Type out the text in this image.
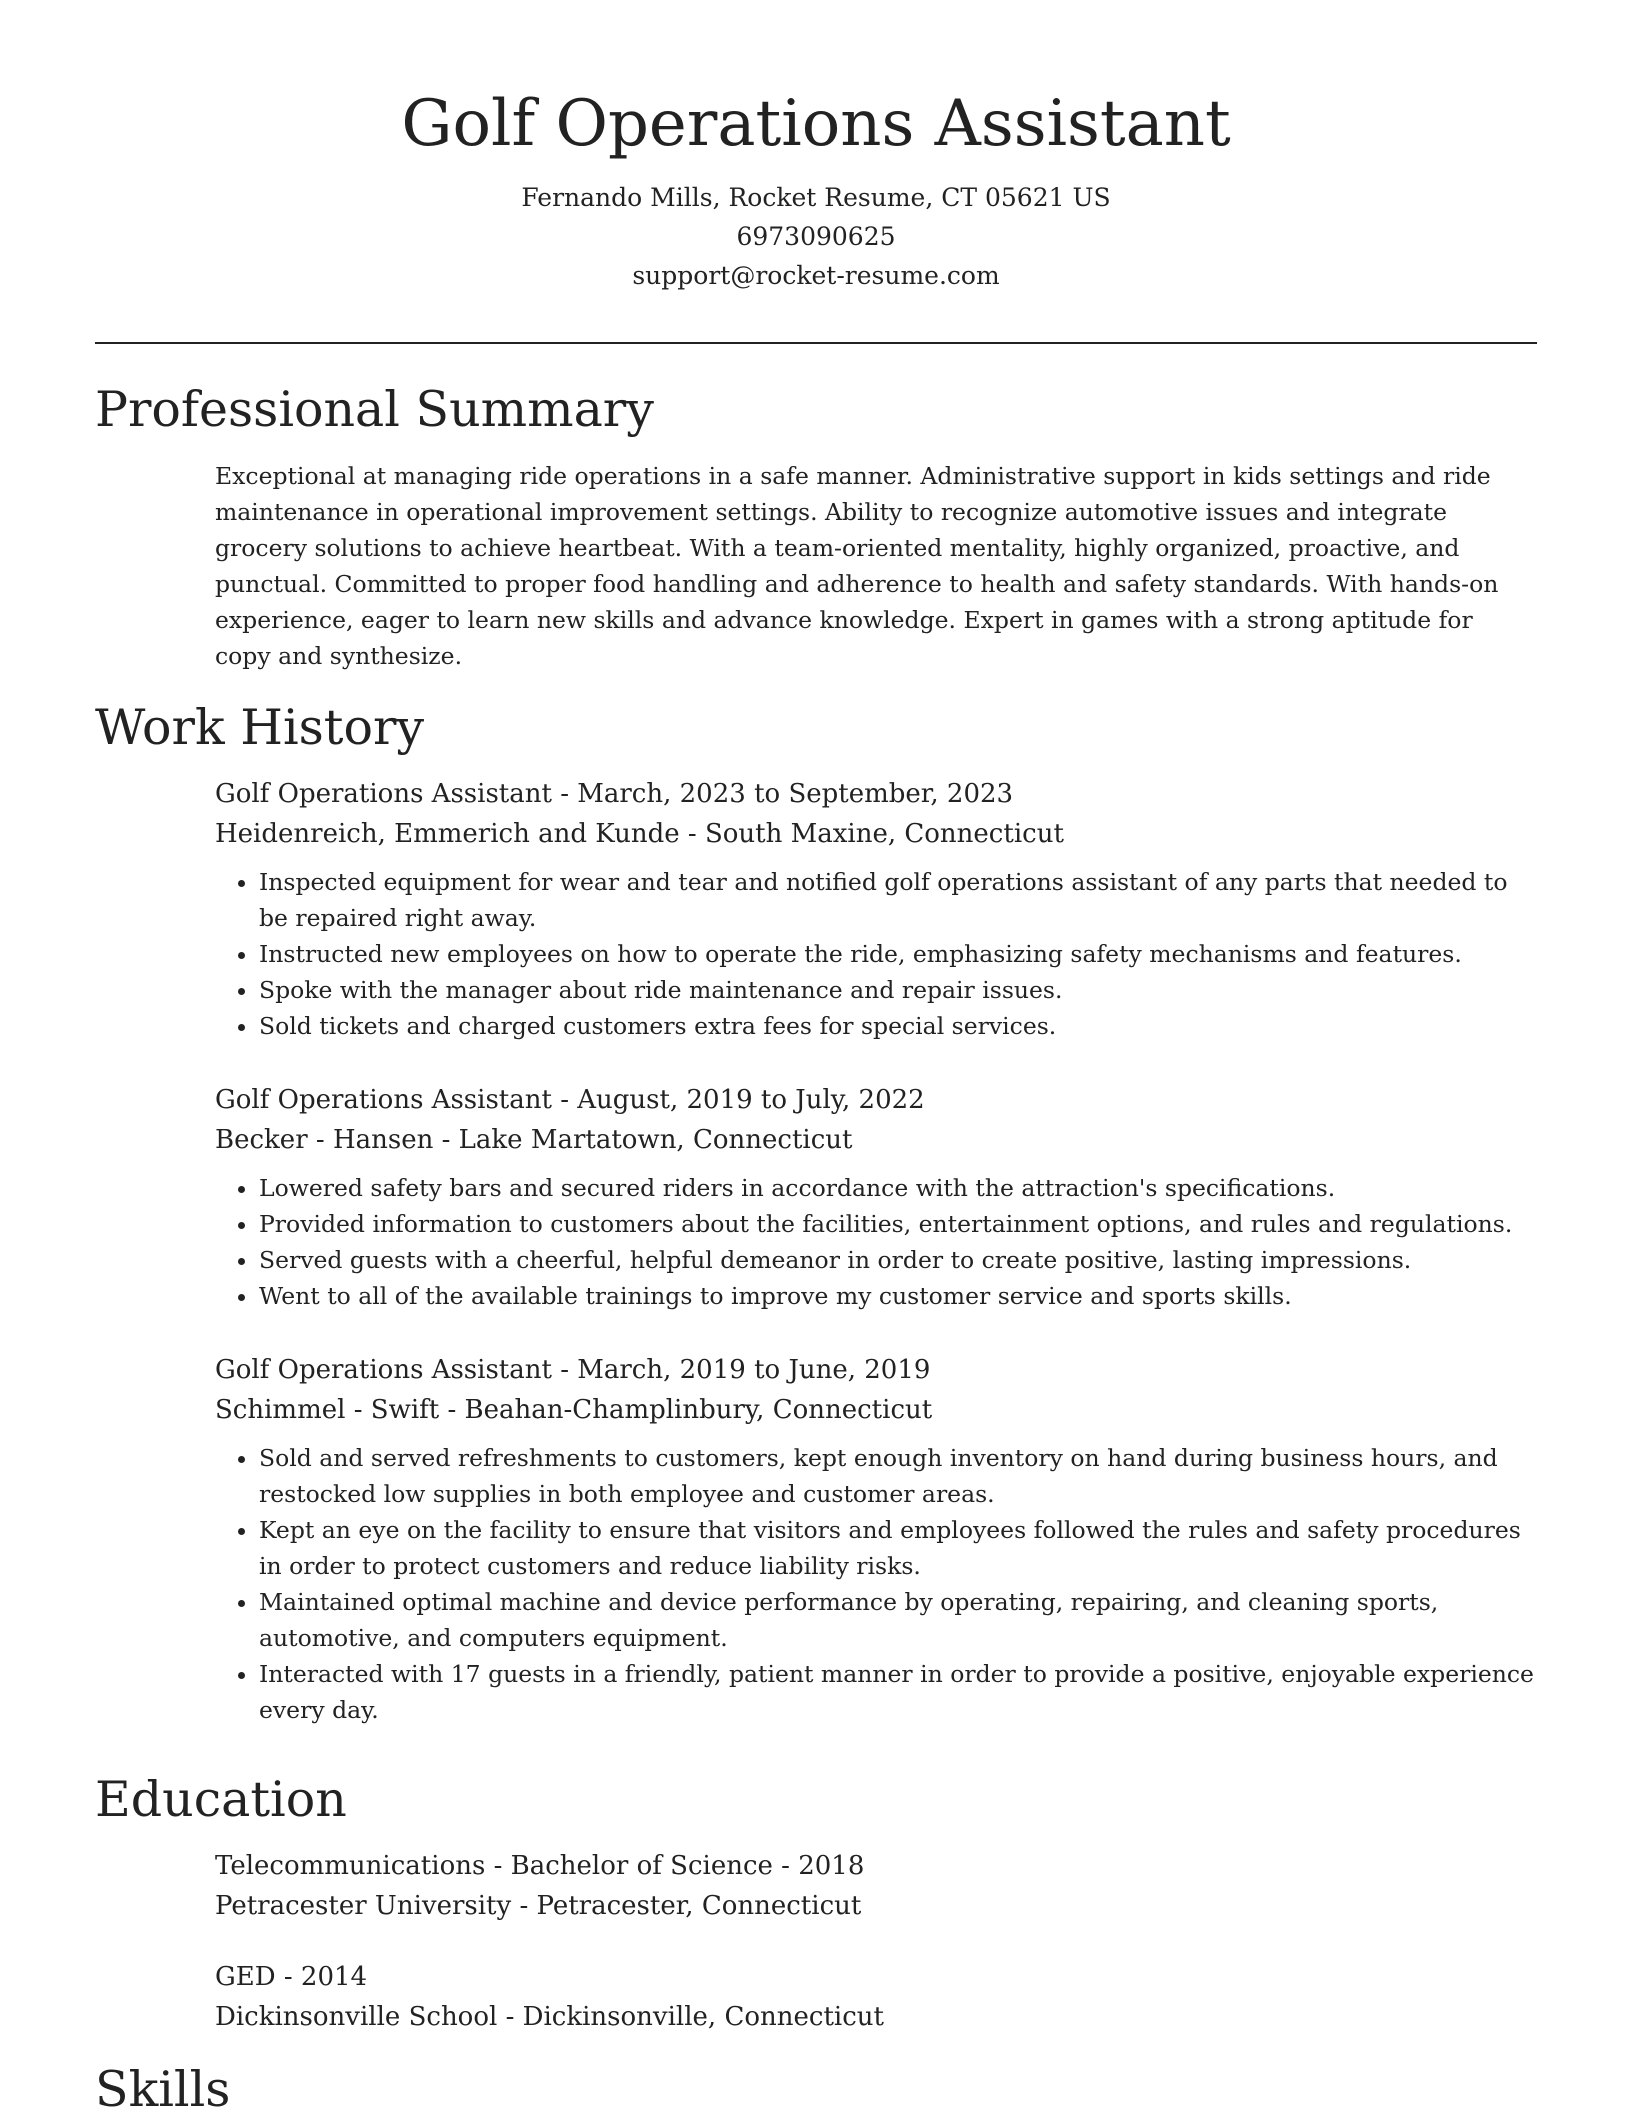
Golf Operations Assistant
Fernando Mills, Rocket Resume, CT 05621 US
6973090625
support@rocket-resume.com
Professional Summary

Exceptional at managing ride operations in a safe manner. Administrative support in kids settings and ride maintenance in operational improvement settings. Ability to recognize automotive issues and integrate grocery solutions to achieve heartbeat. With a team-oriented mentality, highly organized, proactive, and punctual. Committed to proper food handling and adherence to health and safety standards. With hands-on experience, eager to learn new skills and advance knowledge. Expert in games with a strong aptitude for copy and synthesize.

Work History
Golf Operations Assistant - March, 2023 to September, 2023
Heidenreich, Emmerich and Kunde - South Maxine, Connecticut
• Inspected equipment for wear and tear and notified golf operations assistant of any parts that needed to be repaired right away.
• Instructed new employees on how to operate the ride, emphasizing safety mechanisms and features.
• Spoke with the manager about ride maintenance and repair issues.
• Sold tickets and charged customers extra fees for special services.
Golf Operations Assistant - August, 2019 to July, 2022
Becker - Hansen - Lake Martatown, Connecticut
• Lowered safety bars and secured riders in accordance with the attraction's specifications.
• Provided information to customers about the facilities, entertainment options, and rules and regulations.
• Served guests with a cheerful, helpful demeanor in order to create positive, lasting impressions.
• Went to all of the available trainings to improve my customer service and sports skills.
Golf Operations Assistant - March, 2019 to June, 2019
Schimmel - Swift - Beahan-Champlinbury, Connecticut
• Sold and served refreshments to customers, kept enough inventory on hand during business hours, and restocked low supplies in both employee and customer areas.
• Kept an eye on the facility to ensure that visitors and employees followed the rules and safety procedures in order to protect customers and reduce liability risks.
• Maintained optimal machine and device performance by operating, repairing, and cleaning sports, automotive, and computers equipment.
• Interacted with 17 guests in a friendly, patient manner in order to provide a positive, enjoyable experience every day.
Education
Telecommunications - Bachelor of Science - 2018
Petracester University - Petracester, Connecticut
GED - 2014
Dickinsonville School - Dickinsonville, Connecticut
Skills
